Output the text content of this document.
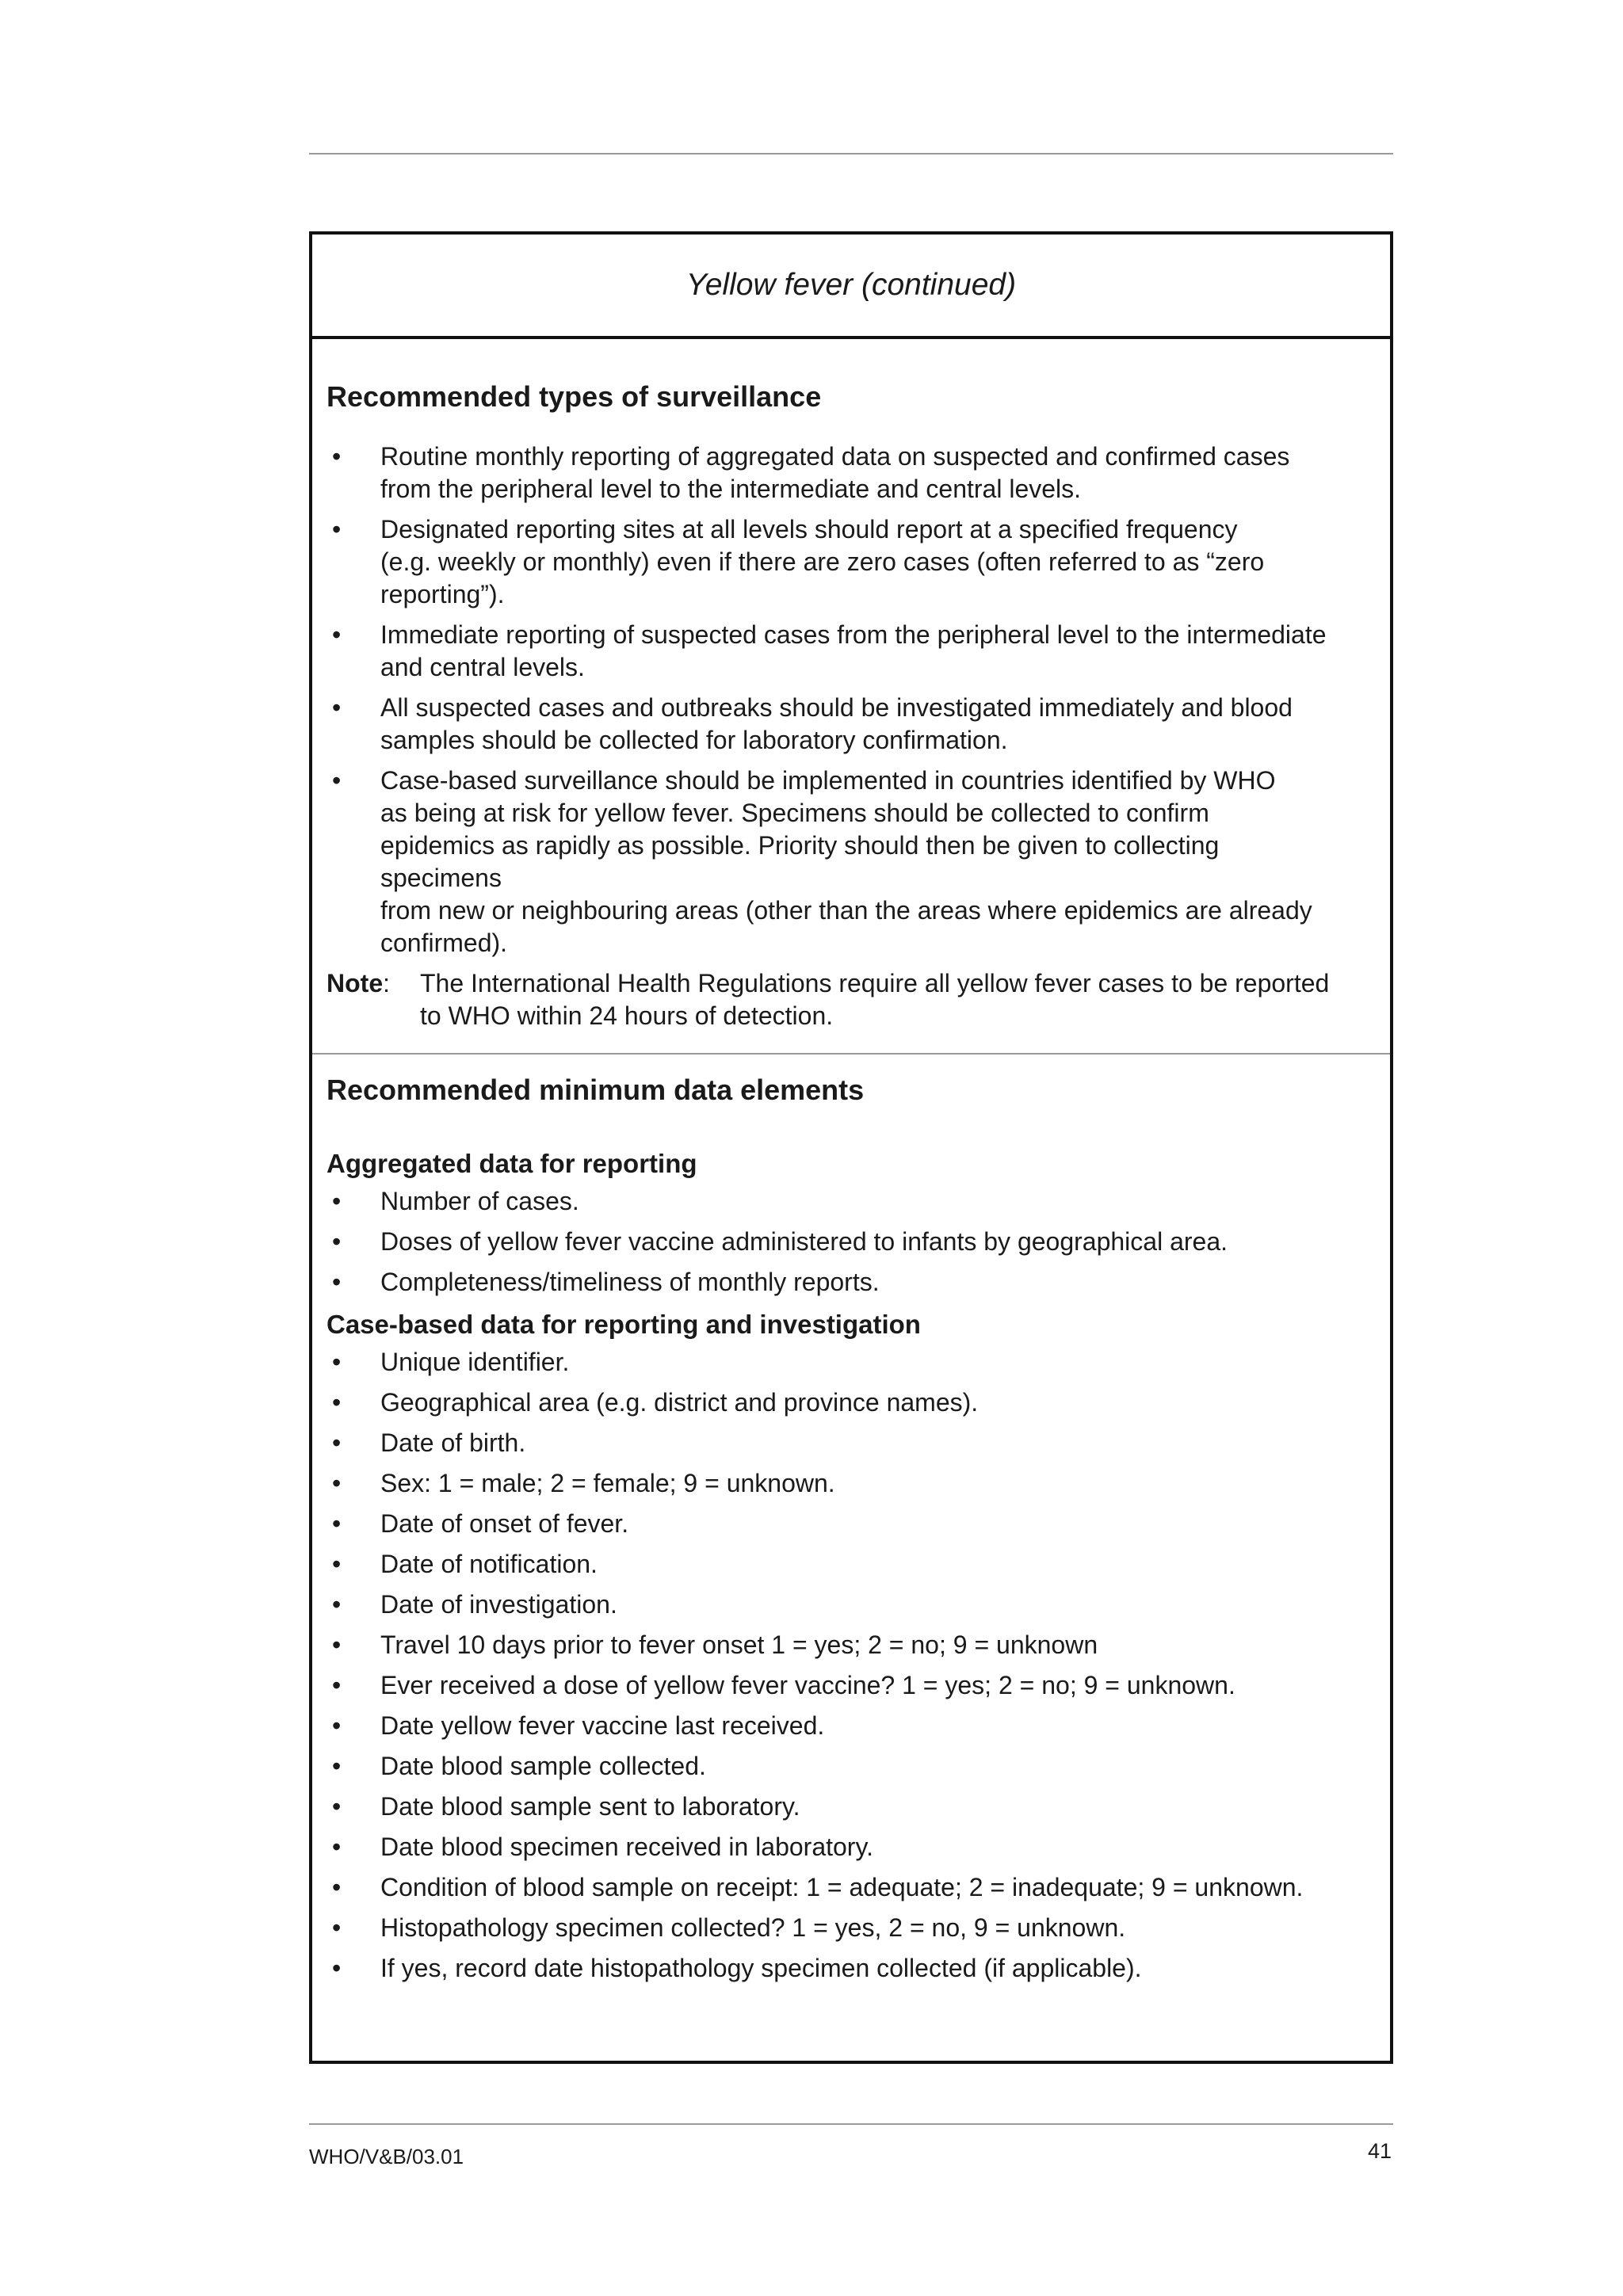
Yellow fever (continued)
Recommended types of surveillance
• Routine monthly reporting of aggregated data on suspected and confirmed cases
from the peripheral level to the intermediate and central levels.
• Designated reporting sites at all levels should report at a specified frequency
(e.g. weekly or monthly) even if there are zero cases (often referred to as “zero
reporting”).
• Immediate reporting of suspected cases from the peripheral level to the intermediate
and central levels.
• All suspected cases and outbreaks should be investigated immediately and blood
samples should be collected for laboratory confirmation.
• Case-based surveillance should be implemented in countries identified by WHO
as being at risk for yellow fever. Specimens should be collected to confirm
epidemics as rapidly as possible. Priority should then be given to collecting
specimens
from new or neighbouring areas (other than the areas where epidemics are already
confirmed).
Note:	The International Health Regulations require all yellow fever cases to be reported
to WHO within 24 hours of detection.
Recommended minimum data elements
Aggregated data for reporting
• Number of cases.
• Doses of yellow fever vaccine administered to infants by geographical area.
• Completeness/timeliness of monthly reports.
Case-based data for reporting and investigation
• Unique identifier.
• Geographical area (e.g. district and province names).
• Date of birth.
• Sex: 1 = male; 2 = female; 9 = unknown.
• Date of onset of fever.
• Date of notification.
• Date of investigation.
• Travel 10 days prior to fever onset 1 = yes; 2 = no; 9 = unknown
• Ever received a dose of yellow fever vaccine? 1 = yes; 2 = no; 9 = unknown.
• Date yellow fever vaccine last received.
• Date blood sample collected.
• Date blood sample sent to laboratory.
• Date blood specimen received in laboratory.
• Condition of blood sample on receipt: 1 = adequate; 2 = inadequate; 9 = unknown.
• Histopathology specimen collected? 1 = yes, 2 = no, 9 = unknown.
• If yes, record date histopathology specimen collected (if applicable).
WHO/V&B/03.01	41
